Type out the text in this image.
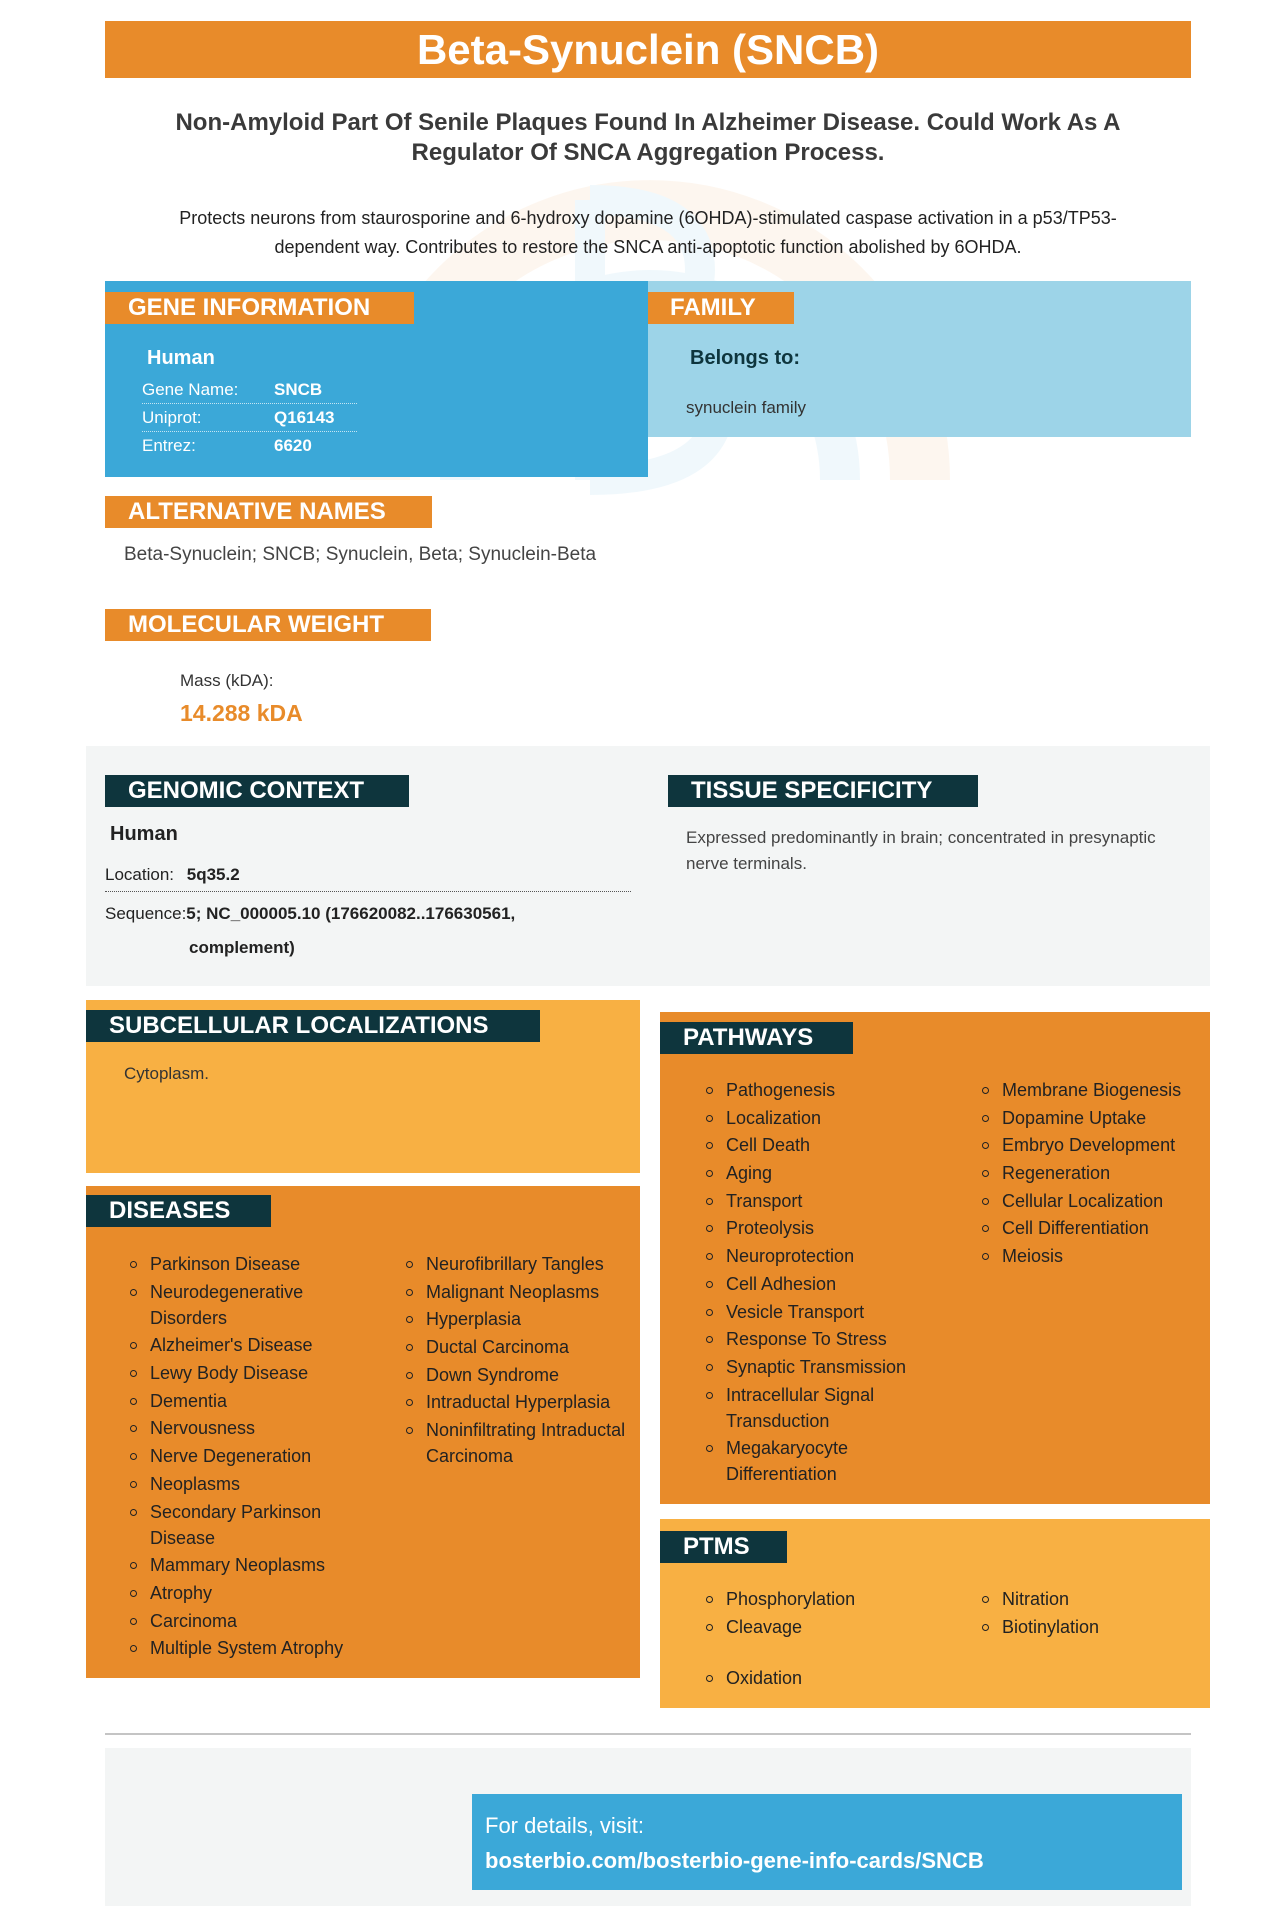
Beta-Synuclein (SNCB)
Non-Amyloid Part Of Senile Plaques Found In Alzheimer Disease. Could Work As A Regulator Of SNCA Aggregation Process.
Protects neurons from staurosporine and 6-hydroxy dopamine (6OHDA)-stimulated caspase activation in a p53/TP53-dependent way. Contributes to restore the SNCA anti-apoptotic function abolished by 6OHDA.
GENE INFORMATION
Human
Gene Name:	SNCB
Uniprot:	Q16143
Entrez:	6620
FAMILY
Belongs to:
synuclein family
ALTERNATIVE NAMES
Beta-Synuclein; SNCB; Synuclein, Beta; Synuclein-Beta
MOLECULAR WEIGHT
Mass (kDA):
14.288 kDA
GENOMIC CONTEXT
Human
Location: 5q35.2
Sequence:5; NC_000005.10 (176620082..176630561,
complement)
TISSUE SPECIFICITY
Expressed predominantly in brain; concentrated in presynaptic nerve terminals.
SUBCELLULAR LOCALIZATIONS
Cytoplasm.
DISEASES
Parkinson Disease
Neurodegenerative Disorders
Alzheimer's Disease
Lewy Body Disease
Dementia
Nervousness
Nerve Degeneration
Neoplasms
Secondary Parkinson Disease
Mammary Neoplasms
Atrophy
Carcinoma
Multiple System Atrophy
Neurofibrillary Tangles
Malignant Neoplasms
Hyperplasia
Ductal Carcinoma
Down Syndrome
Intraductal Hyperplasia
Noninfiltrating Intraductal Carcinoma
PATHWAYS
Pathogenesis
Localization
Cell Death
Aging
Transport
Proteolysis
Neuroprotection
Cell Adhesion
Vesicle Transport
Response To Stress
Synaptic Transmission
Intracellular Signal Transduction
Megakaryocyte Differentiation
Membrane Biogenesis
Dopamine Uptake
Embryo Development
Regeneration
Cellular Localization
Cell Differentiation
Meiosis
PTMS
Phosphorylation
Cleavage
Nitration
Biotinylation
Oxidation
For details, visit:
bosterbio.com/bosterbio-gene-info-cards/SNCB
